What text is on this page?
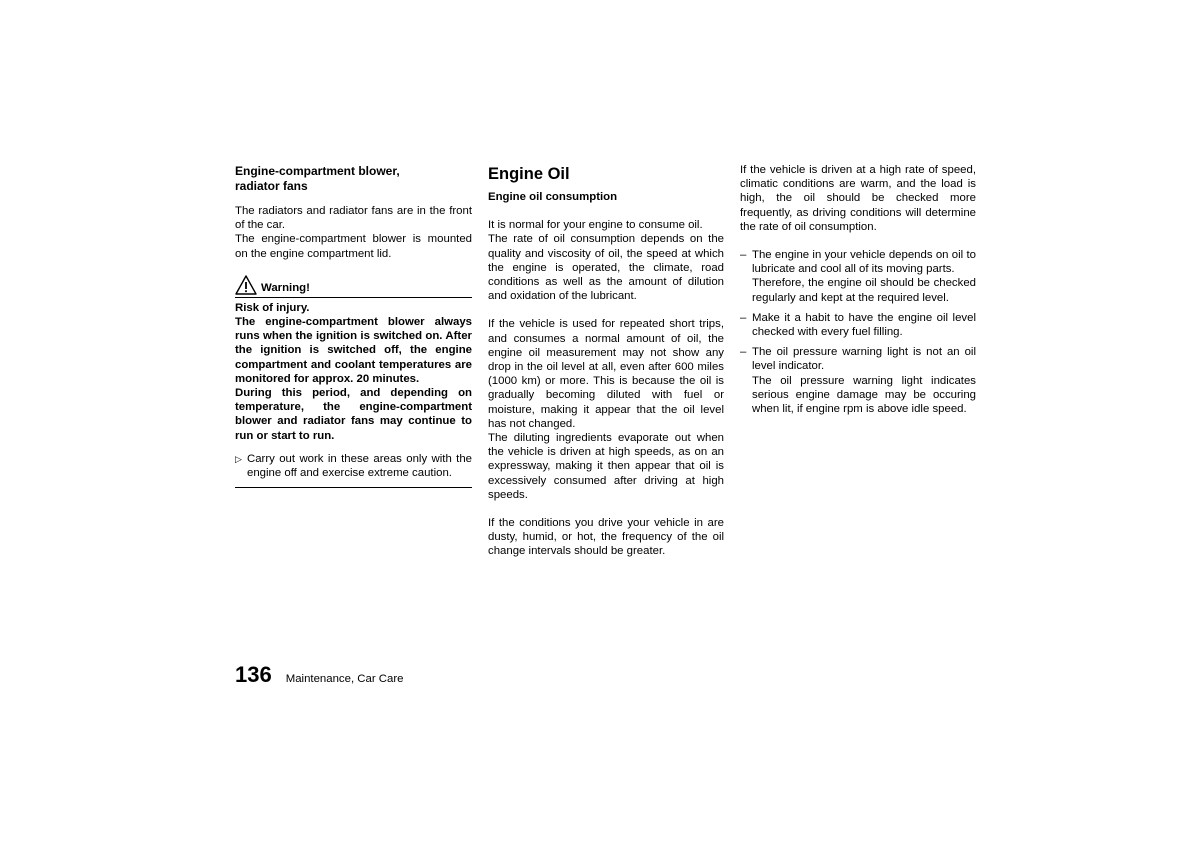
Engine-compartment blower,
radiator fans

The radiators and radiator fans are in the front of the car.

The engine-compartment blower is mounted on the engine compartment lid.

Warning!

Risk of injury.

The engine-compartment blower always runs when the ignition is switched on. After the ignition is switched off, the engine compartment and coolant temperatures are monitored for approx. 20 minutes.

During this period, and depending on temperature, the engine-compartment blower and radiator fans may continue to run or start to run.

▷ Carry out work in these areas only with the engine off and exercise extreme caution.
Engine Oil
Engine oil consumption

It is normal for your engine to consume oil.

The rate of oil consumption depends on the quality and viscosity of oil, the speed at which the engine is operated, the climate, road conditions as well as the amount of dilution and oxidation of the lubricant.

If the vehicle is used for repeated short trips, and consumes a normal amount of oil, the engine oil measurement may not show any drop in the oil level at all, even after 600 miles (1000 km) or more. This is because the oil is gradually becoming diluted with fuel or moisture, making it appear that the oil level has not changed.

The diluting ingredients evaporate out when the vehicle is driven at high speeds, as on an expressway, making it then appear that oil is excessively consumed after driving at high speeds.

If the conditions you drive your vehicle in are dusty, humid, or hot, the frequency of the oil change intervals should be greater.

If the vehicle is driven at a high rate of speed, climatic conditions are warm, and the load is high, the oil should be checked more frequently, as driving conditions will determine the rate of oil consumption.

– The engine in your vehicle depends on oil to lubricate and cool all of its moving parts.

Therefore, the engine oil should be checked regularly and kept at the required level.

– Make it a habit to have the engine oil level checked with every fuel filling.

– The oil pressure warning light is not an oil level indicator.

The oil pressure warning light indicates serious engine damage may be occuring when lit, if engine rpm is above idle speed.

136 Maintenance, Car Care
